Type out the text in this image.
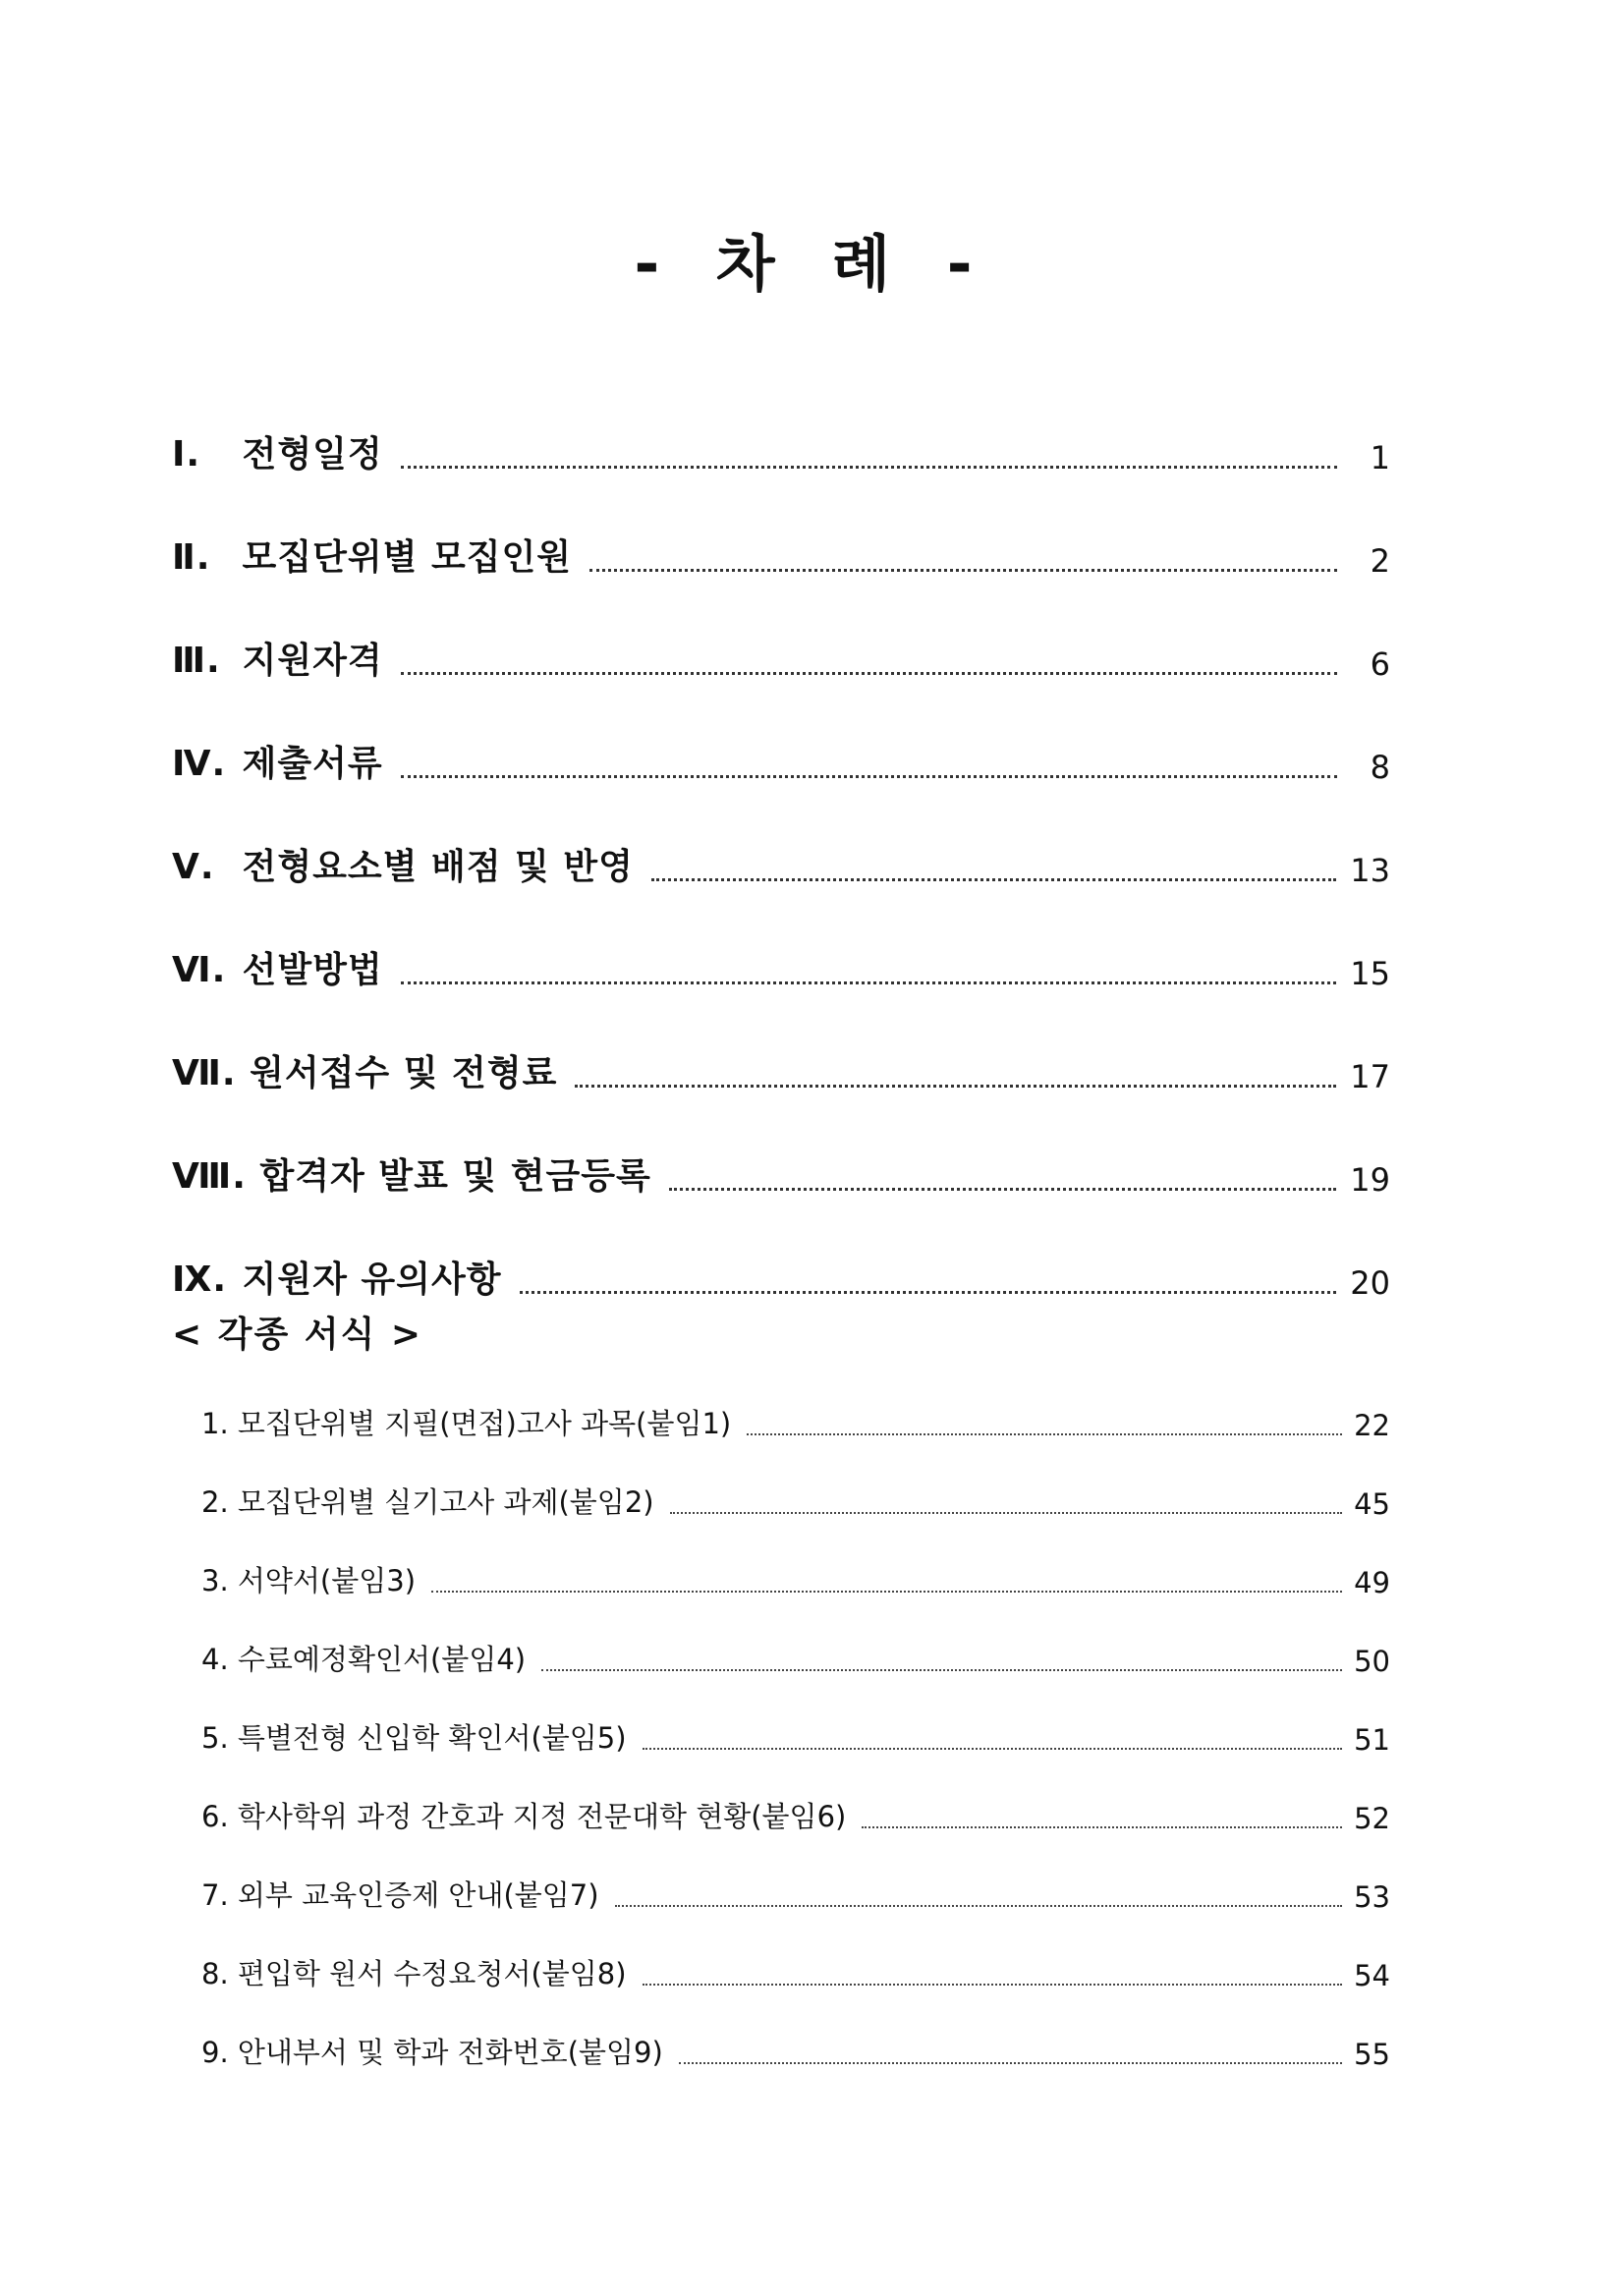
- 차 례 -
Ⅰ. 전형일정	1
Ⅱ. 모집단위별 모집인원	2
Ⅲ. 지원자격	6
Ⅳ. 제출서류	8
Ⅴ. 전형요소별 배점 및 반영	13
Ⅵ. 선발방법	15
Ⅶ. 원서접수 및 전형료	17
Ⅷ. 합격자 발표 및 현금등록	19
Ⅸ. 지원자 유의사항	20
< 각종 서식 >
1. 모집단위별 지필(면접)고사 과목(붙임1)	22
2. 모집단위별 실기고사 과제(붙임2)	45
3. 서약서(붙임3)	49
4. 수료예정확인서(붙임4)	50
5. 특별전형 신입학 확인서(붙임5)	51
6. 학사학위 과정 간호과 지정 전문대학 현황(붙임6)	52
7. 외부 교육인증제 안내(붙임7)	53
8. 편입학 원서 수정요청서(붙임8)	54
9. 안내부서 및 학과 전화번호(붙임9)	55
